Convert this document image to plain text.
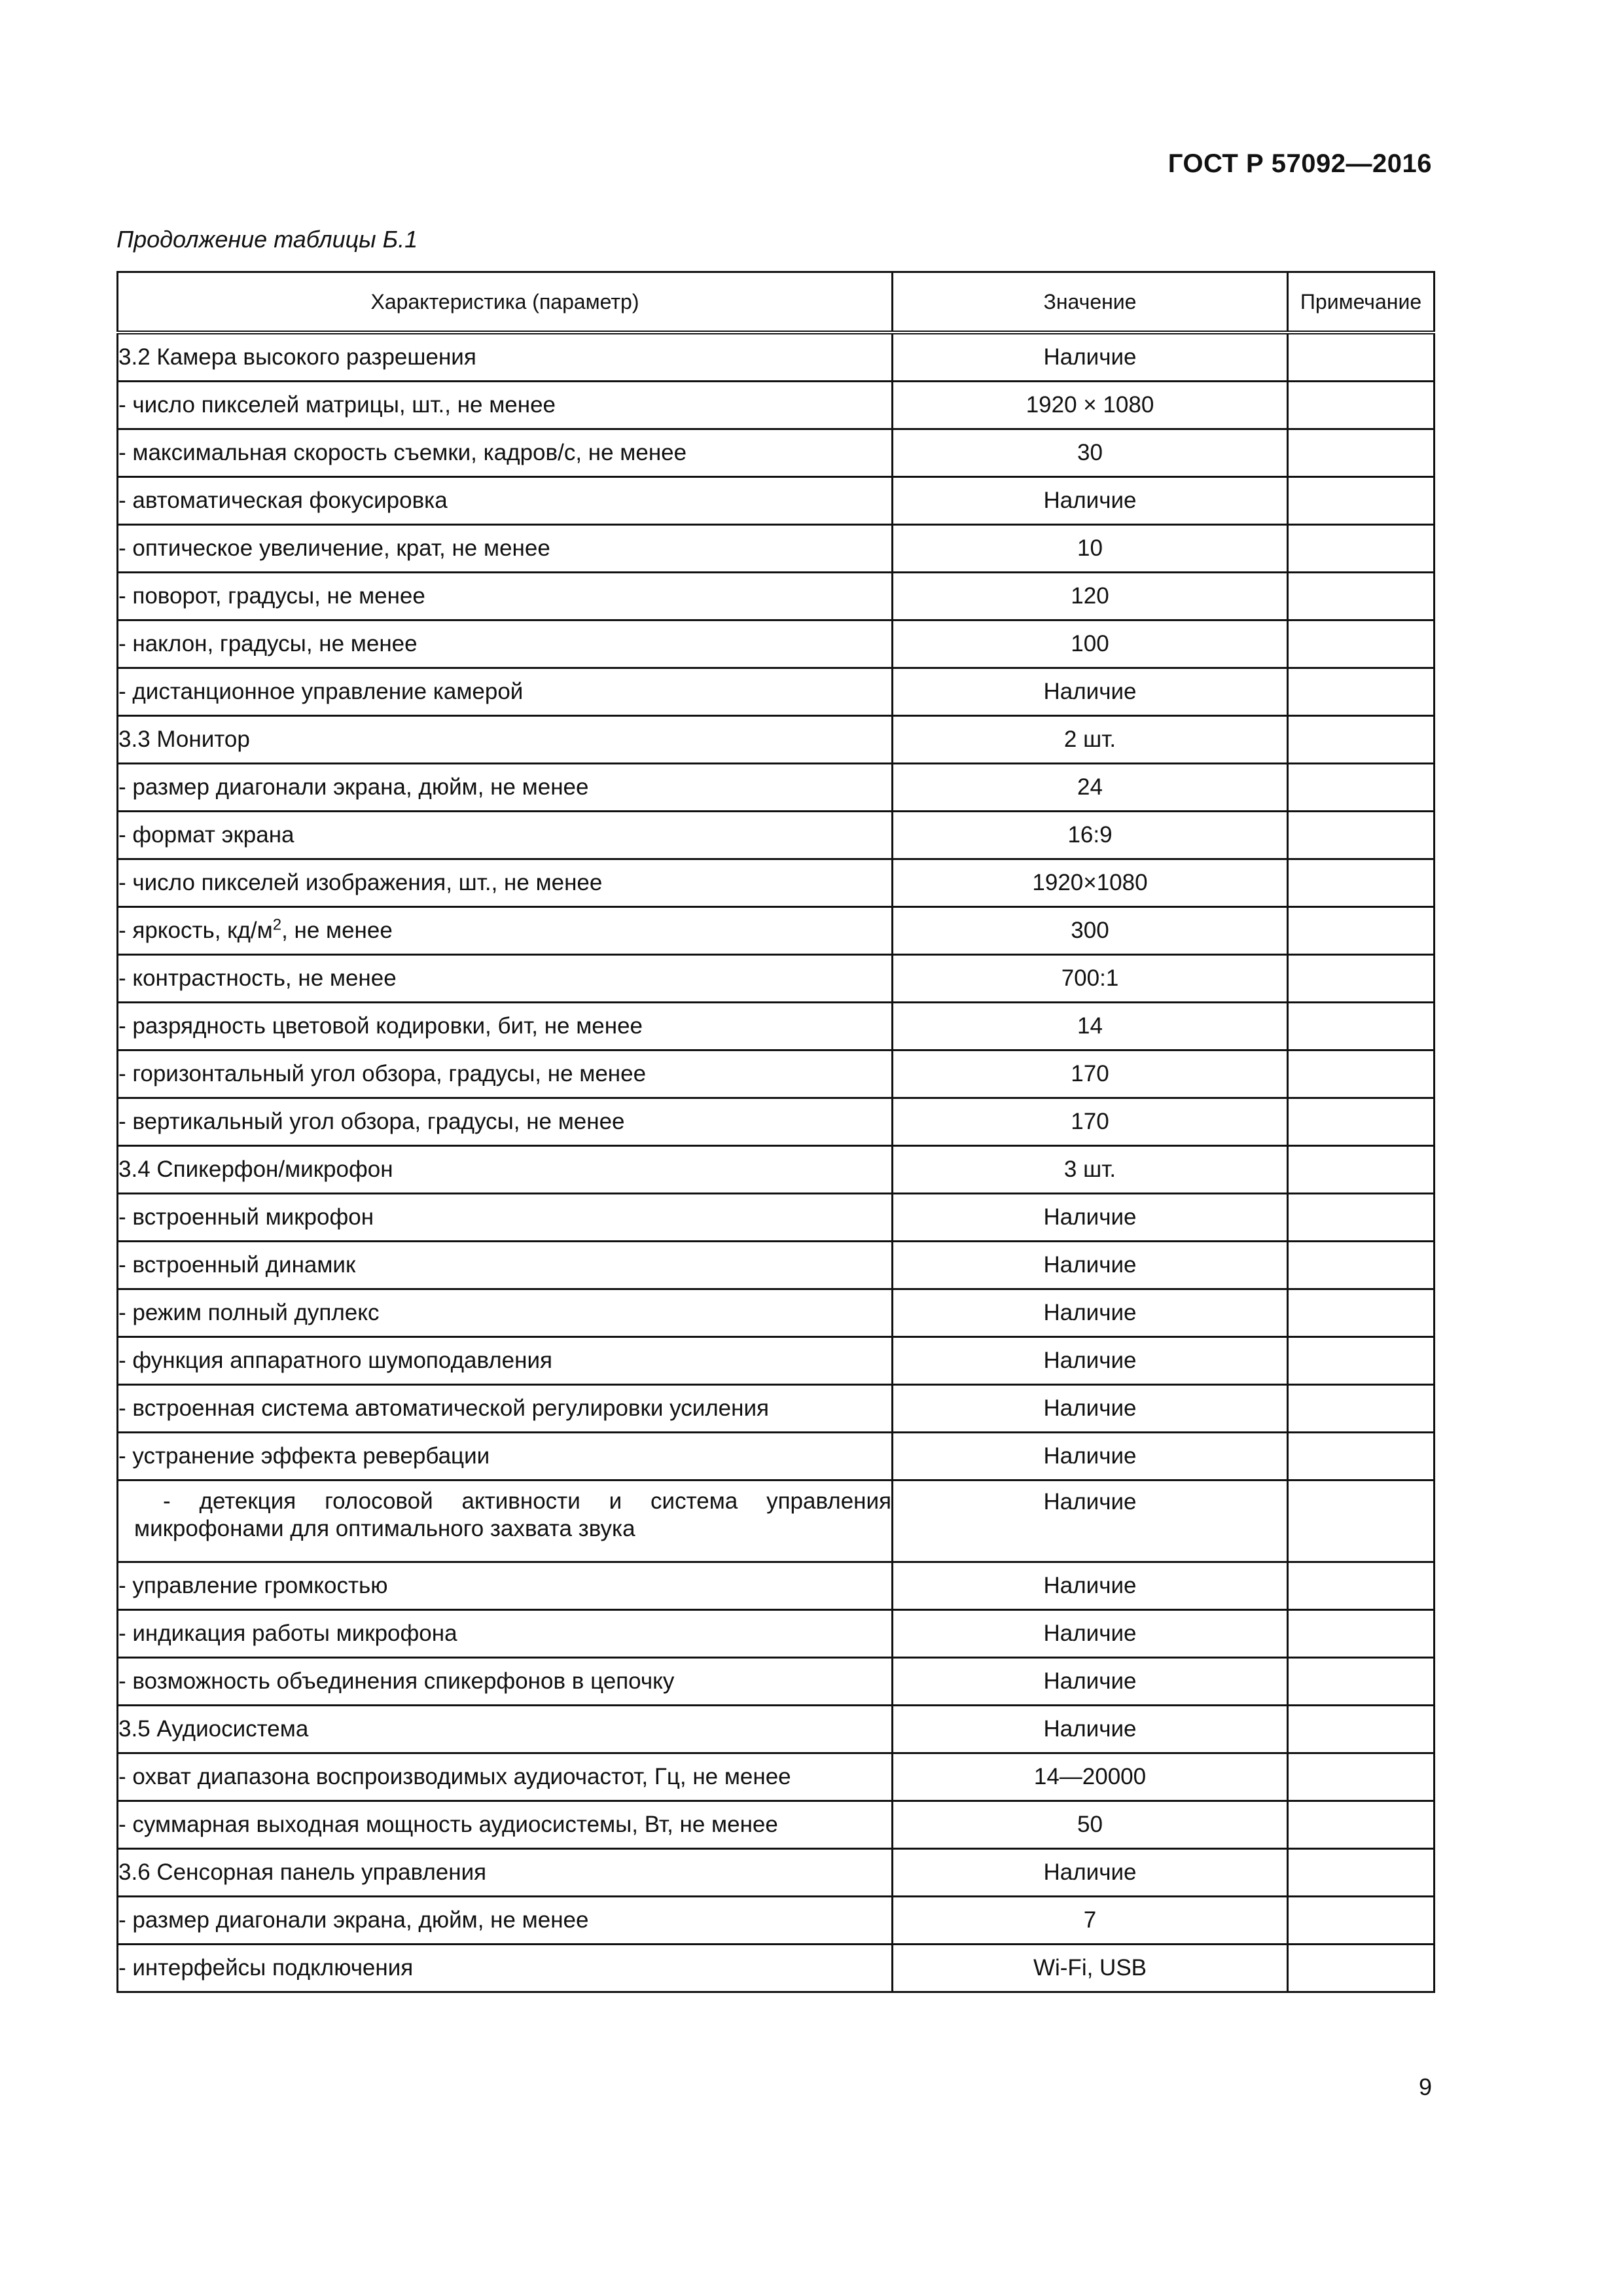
ГОСТ Р 57092—2016
Продолжение таблицы Б.1
Характеристика (параметр)	Значение	Примечание
3.2 Камера высокого разрешения	Наличие	
- число пикселей матрицы, шт., не менее	1920 × 1080	
- максимальная скорость съемки, кадров/с, не менее	30	
- автоматическая фокусировка	Наличие	
- оптическое увеличение, крат, не менее	10	
- поворот, градусы, не менее	120	
- наклон, градусы, не менее	100	
- дистанционное управление камерой	Наличие	
3.3 Монитор	2 шт.	
- размер диагонали экрана, дюйм, не менее	24	
- формат экрана	16:9	
- число пикселей изображения, шт., не менее	1920×1080	
- яркость, $кд/м^2$, не менее	300	
- контрастность, не менее	700:1	
- разрядность цветовой кодировки, бит, не менее	14	
- горизонтальный угол обзора, градусы, не менее	170	
- вертикальный угол обзора, градусы, не менее	170	
3.4 Спикерфон/микрофон	3 шт.	
- встроенный микрофон	Наличие	
- встроенный динамик	Наличие	
- режим полный дуплекс	Наличие	
- функция аппаратного шумоподавления	Наличие	
- встроенная система автоматической регулировки усиления	Наличие	
- устранение эффекта ревербации	Наличие	
- детекция голосовой активности и система управления микрофонами для оптимального захвата звука	Наличие	
- управление громкостью	Наличие	
- индикация работы микрофона	Наличие	
- возможность объединения спикерфонов в цепочку	Наличие	
3.5 Аудиосистема	Наличие	
- охват диапазона воспроизводимых аудиочастот, Гц, не менее	14—20000	
- суммарная выходная мощность аудиосистемы, Вт, не менее	50	
3.6 Сенсорная панель управления	Наличие	
- размер диагонали экрана, дюйм, не менее	7	
- интерфейсы подключения	Wi-Fi, USB	
9
